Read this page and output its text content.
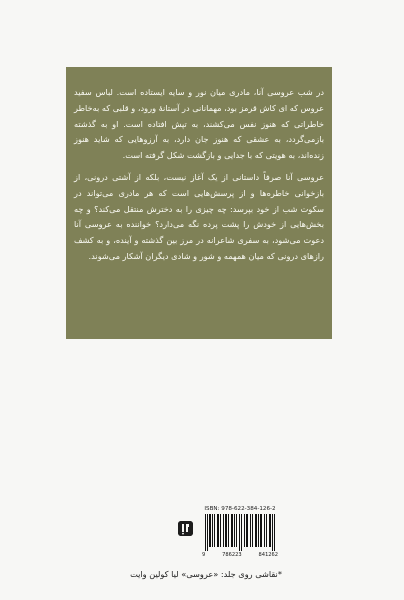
در شب عروسی آنا، مادری میان نور و سایه ایستاده است. لباس سفید عروس که ای کاش قرمز بود، مهمانانی در آستانهٔ ورود، و قلبی که به‌خاطر خاطراتی که هنوز نفس می‌کشند، به تپش افتاده است. او به گذشته بازمی‌گردد، به عشقی که هنوز جان دارد، به آرزوهایی که شاید هنوز زنده‌اند، به هویتی که با جدایی و بازگشت شکل گرفته است.

عروسی آنا صرفاً داستانی از یک آغاز نیست، بلکه از آشتی درونی، از بازخوانی خاطره‌ها و از پرسش‌هایی است که هر مادری می‌تواند در سکوت شب از خود بپرسد: چه چیزی را به دخترش منتقل می‌کند؟ و چه بخش‌هایی از خودش را پشت پرده نگه می‌دارد؟ خواننده به عروسی آنا دعوت می‌شود، به سفری شاعرانه در مرز بین گذشته و آینده، و به کشف رازهای درونی که میان همهمه و شور و شادی دیگران آشکار می‌شوند.

ISBN: 978-622-384-126-2
9	786223	841262
*نقاشی روی جلد: «عروسی» لیا کولین وایت
